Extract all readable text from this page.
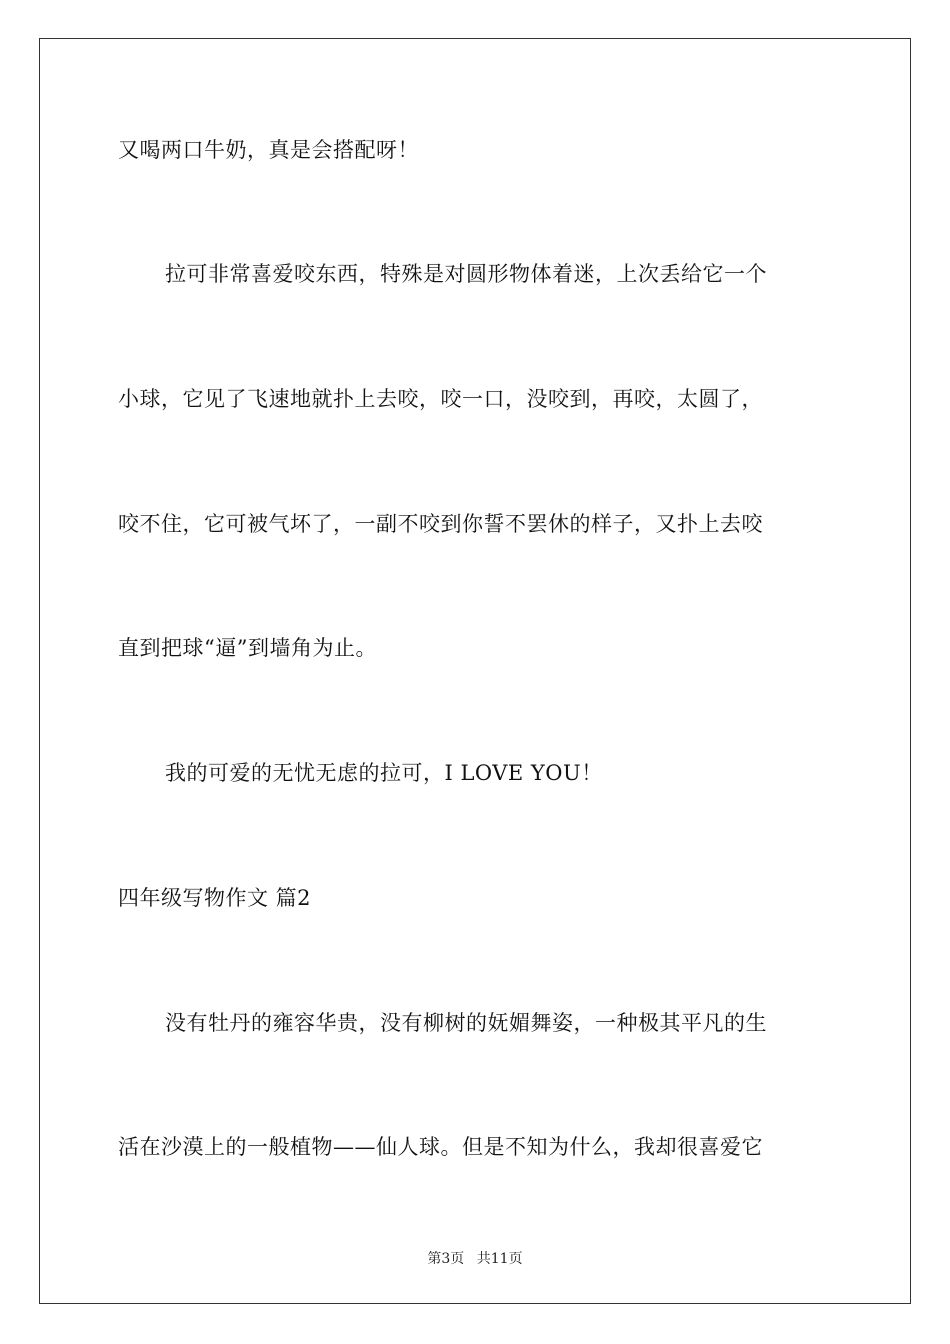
又喝两口牛奶，真是会搭配呀！
拉可非常喜爱咬东西，特殊是对圆形物体着迷，上次丢给它一个
小球，它见了飞速地就扑上去咬，咬一口，没咬到，再咬，太圆了，
咬不住，它可被气坏了，一副不咬到你誓不罢休的样子，又扑上去咬
直到把球“逼”到墙角为止。
我的可爱的无忧无虑的拉可，I LOVE YOU！
四年级写物作文 篇2
没有牡丹的雍容华贵，没有柳树的妩媚舞姿，一种极其平凡的生
活在沙漠上的一般植物——仙人球。但是不知为什么，我却很喜爱它
第3页 共11页
